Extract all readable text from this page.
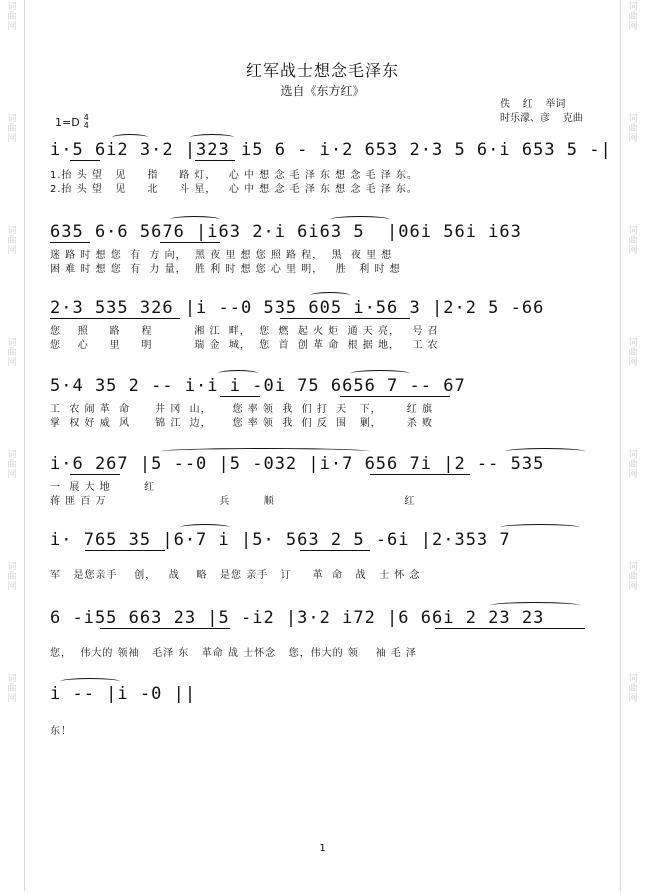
词
曲
网
词
曲
网
词
曲
网
词
曲
网
词
曲
网
词
曲
网
词
曲
网
词
曲
网
词
曲
网
词
曲
网
词
曲
网
词
曲
网
词
曲
网
词
曲
网
红军战士想念毛泽东
选自《东方红》
1=D 4
4
佚    红    举词
时乐濛、彦    克曲
i·5 6i2 3·2 |323 i5 6 - i·2 653 2·3 5 6·i 653 5 -|
1.抬 头 望   见     指     路 灯，   心 中 想 念 毛 泽 东 想 念 毛 泽 东。
2.抬 头 望   见     北     斗 星，   心 中 想 念 毛 泽 东 想 念 毛 泽 东。
635 6·6 5676 |i63 2·i 6i63 5  |06i 56i i63
迷 路 时 想 您  有  方 向，  黑 夜 里 想 您 照 路 程，  黑  夜 里 想
困 难 时 想 您  有  力 量，  胜 利 时 想 您 心 里 明，   胜   利 时 想
2·3 535 326 |i --0 535 605 i·56 3 |2·2 5 -66
您    照     路     程          湘 江  畔，  您  燃  起 火 炬  通 天 亮，   号 召
您    心     里     明          瑞 金  城，  您  首  创 革 命  根 据 地，   工 农
5·4 35 2 -- i·i i -0i 75 6656 7 -- 67
工  农 闹 革  命      井 冈  山，     您 率 领  我  们 打  天   下，      红 旗
掌  权 好 威  风      锦 江  边，     您 率 领  我  们 反  围   剿，      杀 败
i·6 267 |5 --0 |5 -032 |i·7 656 7i |2 -- 535
一  展 大 地        红
蒋 匪 百 万                           兵        顺                               红
i· 765 35 |6·7 i |5· 563 2 5 -6i |2·353 7
军   是您亲手    创，   战    略   是您 亲手   订     革  命   战   士 怀 念
6 -i55 663 23 |5 -i2 |3·2 i72 |6 66i 2 23 23
您，  伟大的 领袖   毛泽 东   革命 战 士怀念   您，伟大的 领    袖 毛 泽
i -- |i -0 ||
东！
1
